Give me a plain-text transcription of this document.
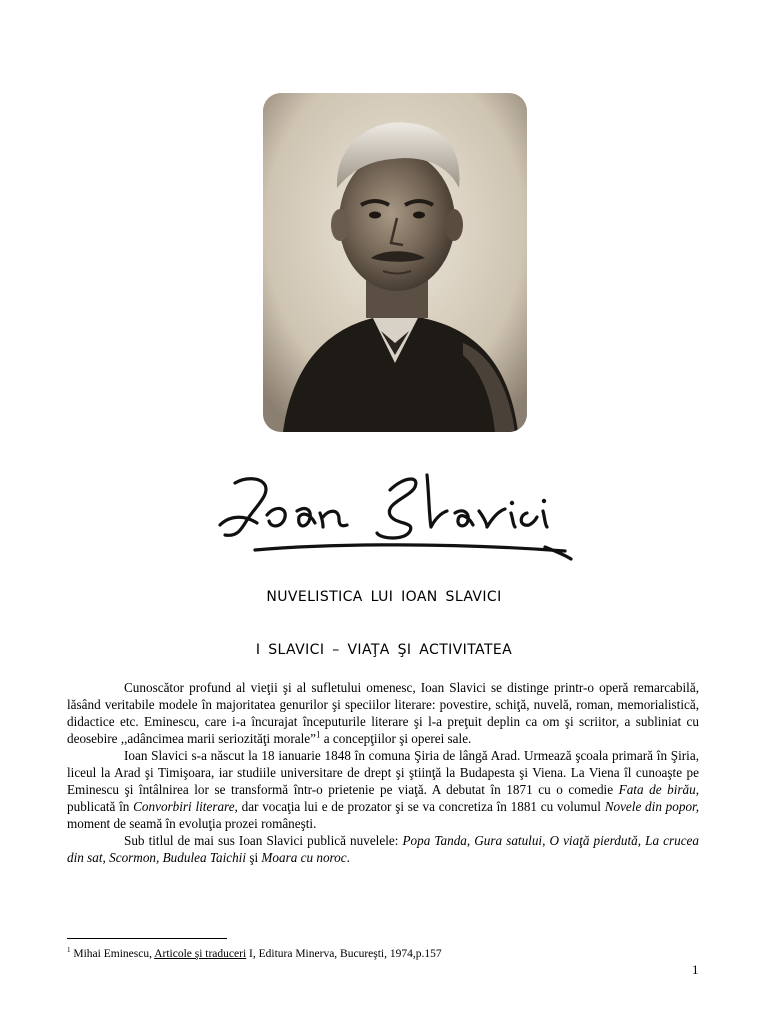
NUVELISTICA LUI IOAN SLAVICI
I SLAVICI – VIAŢA ŞI ACTIVITATEA

Cunoscător profund al vieţii şi al sufletului omenesc, Ioan Slavici se distinge printr-o operă remarcabilă, lăsând veritabile modele în majoritatea genurilor şi speciilor literare: povestire, schiţă, nuvelă, roman, memorialistică, didactice etc. Eminescu, care i-a încurajat începuturile literare şi l-a preţuit deplin ca om şi scriitor, a subliniat cu deosebire ,,adâncimea marii seriozităţi morale”$^1$ a concepţiilor şi operei sale.

Ioan Slavici s-a născut la 18 ianuarie 1848 în comuna Şiria de lângă Arad. Urmează şcoala primară în Şiria, liceul la Arad şi Timişoara, iar studiile universitare de drept şi ştiinţă la Budapesta şi Viena. La Viena îl cunoaşte pe Eminescu şi întâlnirea lor se transformă într-o prietenie pe viaţă. A debutat în 1871 cu o comedie Fata de birău, publicată în Convorbiri literare, dar vocaţia lui e de prozator şi se va concretiza în 1881 cu volumul Novele din popor, moment de seamă în evoluţia prozei româneşti.

Sub titlul de mai sus Ioan Slavici publică nuvelele: Popa Tanda, Gura satului, O viaţă pierdută, La crucea din sat, Scormon, Budulea Taichii şi Moara cu noroc.

$^1$ Mihai Eminescu, Articole şi traduceri I, Editura Minerva, Bucureşti, 1974,p.157
1
